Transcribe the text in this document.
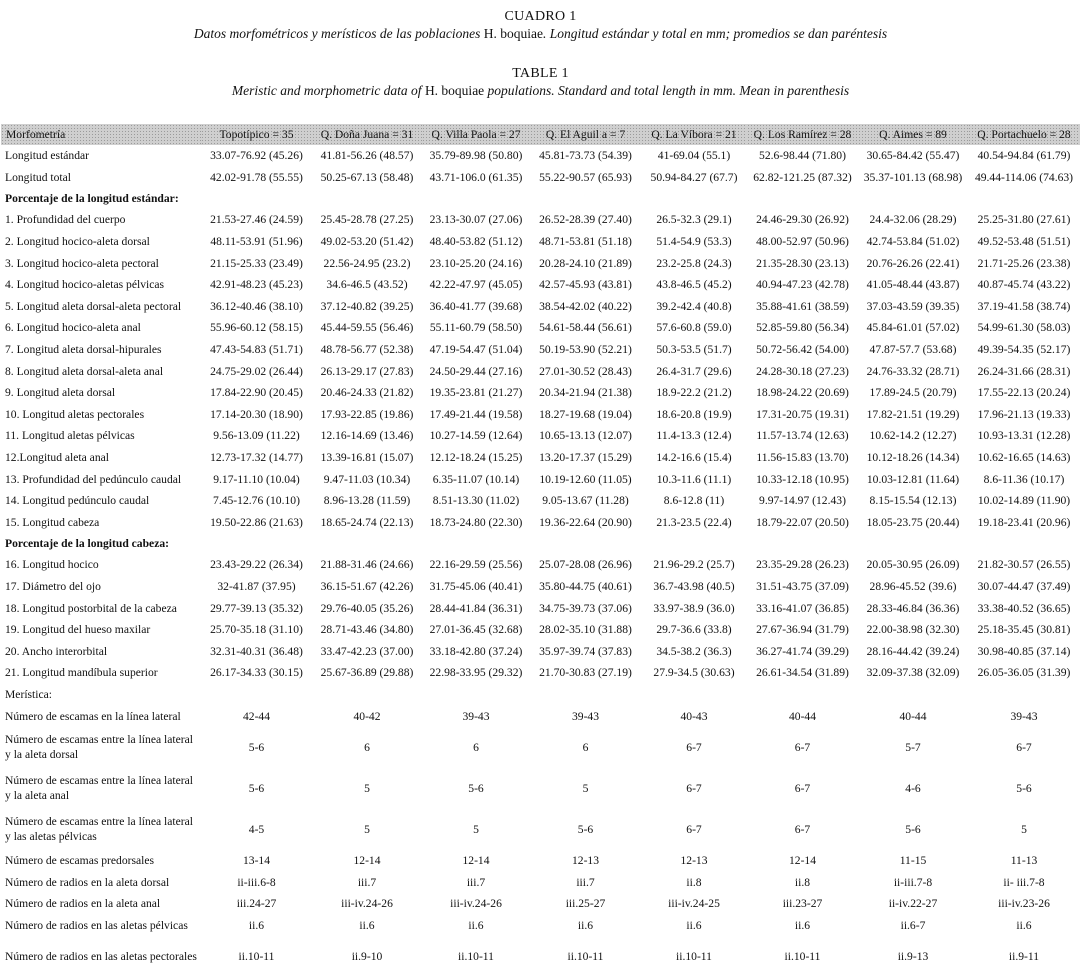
CUADRO 1
Datos morfométricos y merísticos de las poblaciones H. boquiae. Longitud estándar y total en mm; promedios se dan paréntesis
TABLE 1
Meristic and morphometric data of H. boquiae populations. Standard and total length in mm. Mean in parenthesis
Morfometría	Topotípico = 35	Q. Doña Juana = 31	Q. Villa Paola = 27	Q. El Aguil a = 7	Q. La Víbora = 21	Q. Los Ramírez = 28	Q. Aimes = 89	Q. Portachuelo = 28
Longitud estándar	33.07-76.92 (45.26)	41.81-56.26 (48.57)	35.79-89.98 (50.80)	45.81-73.73 (54.39)	41-69.04 (55.1)	52.6-98.44 (71.80)	30.65-84.42 (55.47)	40.54-94.84 (61.79)
Longitud total	42.02-91.78 (55.55)	50.25-67.13 (58.48)	43.71-106.0 (61.35)	55.22-90.57 (65.93)	50.94-84.27 (67.7)	62.82-121.25 (87.32)	35.37-101.13 (68.98)	49.44-114.06 (74.63)
Porcentaje de la longitud estándar:								
1. Profundidad del cuerpo	21.53-27.46 (24.59)	25.45-28.78 (27.25)	23.13-30.07 (27.06)	26.52-28.39 (27.40)	26.5-32.3 (29.1)	24.46-29.30 (26.92)	24.4-32.06 (28.29)	25.25-31.80 (27.61)
2. Longitud hocico-aleta dorsal	48.11-53.91 (51.96)	49.02-53.20 (51.42)	48.40-53.82 (51.12)	48.71-53.81 (51.18)	51.4-54.9 (53.3)	48.00-52.97 (50.96)	42.74-53.84 (51.02)	49.52-53.48 (51.51)
3. Longitud hocico-aleta pectoral	21.15-25.33 (23.49)	22.56-24.95 (23.2)	23.10-25.20 (24.16)	20.28-24.10 (21.89)	23.2-25.8 (24.3)	21.35-28.30 (23.13)	20.76-26.26 (22.41)	21.71-25.26 (23.38)
4. Longitud hocico-aletas pélvicas	42.91-48.23 (45.23)	34.6-46.5 (43.52)	42.22-47.97 (45.05)	42.57-45.93 (43.81)	43.8-46.5 (45.2)	40.94-47.23 (42.78)	41.05-48.44 (43.87)	40.87-45.74 (43.22)
5. Longitud aleta dorsal-aleta pectoral	36.12-40.46 (38.10)	37.12-40.82 (39.25)	36.40-41.77 (39.68)	38.54-42.02 (40.22)	39.2-42.4 (40.8)	35.88-41.61 (38.59)	37.03-43.59 (39.35)	37.19-41.58 (38.74)
6. Longitud hocico-aleta anal	55.96-60.12 (58.15)	45.44-59.55 (56.46)	55.11-60.79 (58.50)	54.61-58.44 (56.61)	57.6-60.8 (59.0)	52.85-59.80 (56.34)	45.84-61.01 (57.02)	54.99-61.30 (58.03)
7. Longitud aleta dorsal-hipurales	47.43-54.83 (51.71)	48.78-56.77 (52.38)	47.19-54.47 (51.04)	50.19-53.90 (52.21)	50.3-53.5 (51.7)	50.72-56.42 (54.00)	47.87-57.7 (53.68)	49.39-54.35 (52.17)
8. Longitud aleta dorsal-aleta anal	24.75-29.02 (26.44)	26.13-29.17 (27.83)	24.50-29.44 (27.16)	27.01-30.52 (28.43)	26.4-31.7 (29.6)	24.28-30.18 (27.23)	24.76-33.32 (28.71)	26.24-31.66 (28.31)
9. Longitud aleta dorsal	17.84-22.90 (20.45)	20.46-24.33 (21.82)	19.35-23.81 (21.27)	20.34-21.94 (21.38)	18.9-22.2 (21.2)	18.98-24.22 (20.69)	17.89-24.5 (20.79)	17.55-22.13 (20.24)
10. Longitud aletas pectorales	17.14-20.30 (18.90)	17.93-22.85 (19.86)	17.49-21.44 (19.58)	18.27-19.68 (19.04)	18.6-20.8 (19.9)	17.31-20.75 (19.31)	17.82-21.51 (19.29)	17.96-21.13 (19.33)
11. Longitud aletas pélvicas	9.56-13.09 (11.22)	12.16-14.69 (13.46)	10.27-14.59 (12.64)	10.65-13.13 (12.07)	11.4-13.3 (12.4)	11.57-13.74 (12.63)	10.62-14.2 (12.27)	10.93-13.31 (12.28)
12.Longitud aleta anal	12.73-17.32 (14.77)	13.39-16.81 (15.07)	12.12-18.24 (15.25)	13.20-17.37 (15.29)	14.2-16.6 (15.4)	11.56-15.83 (13.70)	10.12-18.26 (14.34)	10.62-16.65 (14.63)
13. Profundidad del pedúnculo caudal	9.17-11.10 (10.04)	9.47-11.03 (10.34)	6.35-11.07 (10.14)	10.19-12.60 (11.05)	10.3-11.6 (11.1)	10.33-12.18 (10.95)	10.03-12.81 (11.64)	8.6-11.36 (10.17)
14. Longitud pedúnculo caudal	7.45-12.76 (10.10)	8.96-13.28 (11.59)	8.51-13.30 (11.02)	9.05-13.67 (11.28)	8.6-12.8 (11)	9.97-14.97 (12.43)	8.15-15.54 (12.13)	10.02-14.89 (11.90)
15. Longitud cabeza	19.50-22.86 (21.63)	18.65-24.74 (22.13)	18.73-24.80 (22.30)	19.36-22.64 (20.90)	21.3-23.5 (22.4)	18.79-22.07 (20.50)	18.05-23.75 (20.44)	19.18-23.41 (20.96)
Porcentaje de la longitud cabeza:								
16. Longitud hocico	23.43-29.22 (26.34)	21.88-31.46 (24.66)	22.16-29.59 (25.56)	25.07-28.08 (26.96)	21.96-29.2 (25.7)	23.35-29.28 (26.23)	20.05-30.95 (26.09)	21.82-30.57 (26.55)
17. Diámetro del ojo	32-41.87 (37.95)	36.15-51.67 (42.26)	31.75-45.06 (40.41)	35.80-44.75 (40.61)	36.7-43.98 (40.5)	31.51-43.75 (37.09)	28.96-45.52 (39.6)	30.07-44.47 (37.49)
18. Longitud postorbital de la cabeza	29.77-39.13 (35.32)	29.76-40.05 (35.26)	28.44-41.84 (36.31)	34.75-39.73 (37.06)	33.97-38.9 (36.0)	33.16-41.07 (36.85)	28.33-46.84 (36.36)	33.38-40.52 (36.65)
19. Longitud del hueso maxilar	25.70-35.18 (31.10)	28.71-43.46 (34.80)	27.01-36.45 (32.68)	28.02-35.10 (31.88)	29.7-36.6 (33.8)	27.67-36.94 (31.79)	22.00-38.98 (32.30)	25.18-35.45 (30.81)
20. Ancho interorbital	32.31-40.31 (36.48)	33.47-42.23 (37.00)	33.18-42.80 (37.24)	35.97-39.74 (37.83)	34.5-38.2 (36.3)	36.27-41.74 (39.29)	28.16-44.42 (39.24)	30.98-40.85 (37.14)
21. Longitud mandíbula superior	26.17-34.33 (30.15)	25.67-36.89 (29.88)	22.98-33.95 (29.32)	21.70-30.83 (27.19)	27.9-34.5 (30.63)	26.61-34.54 (31.89)	32.09-37.38 (32.09)	26.05-36.05 (31.39)
Merística:								
Número de escamas en la línea lateral	42-44	40-42	39-43	39-43	40-43	40-44	40-44	39-43
Número de escamas entre la línea lateral y la aleta dorsal	5-6	6	6	6	6-7	6-7	5-7	6-7
Número de escamas entre la línea lateral y la aleta anal	5-6	5	5-6	5	6-7	6-7	4-6	5-6
Número de escamas entre la línea lateral y las aletas pélvicas	4-5	5	5	5-6	6-7	6-7	5-6	5
Número de escamas predorsales	13-14	12-14	12-14	12-13	12-13	12-14	11-15	11-13
Número de radios en la aleta dorsal	ii-iii.6-8	iii.7	iii.7	iii.7	ii.8	ii.8	ii-iii.7-8	ii- iii.7-8
Número de radios en la aleta anal	iii.24-27	iii-iv.24-26	iii-iv.24-26	iii.25-27	iii-iv.24-25	iii.23-27	ii-iv.22-27	iii-iv.23-26
Número de radios en las aletas pélvicas	ii.6	ii.6	ii.6	ii.6	ii.6	ii.6	ii.6-7	ii.6
Número de radios en las aletas pectorales	ii.10-11	ii.9-10	ii.10-11	ii.10-11	ii.10-11	ii.10-11	ii.9-13	ii.9-11
